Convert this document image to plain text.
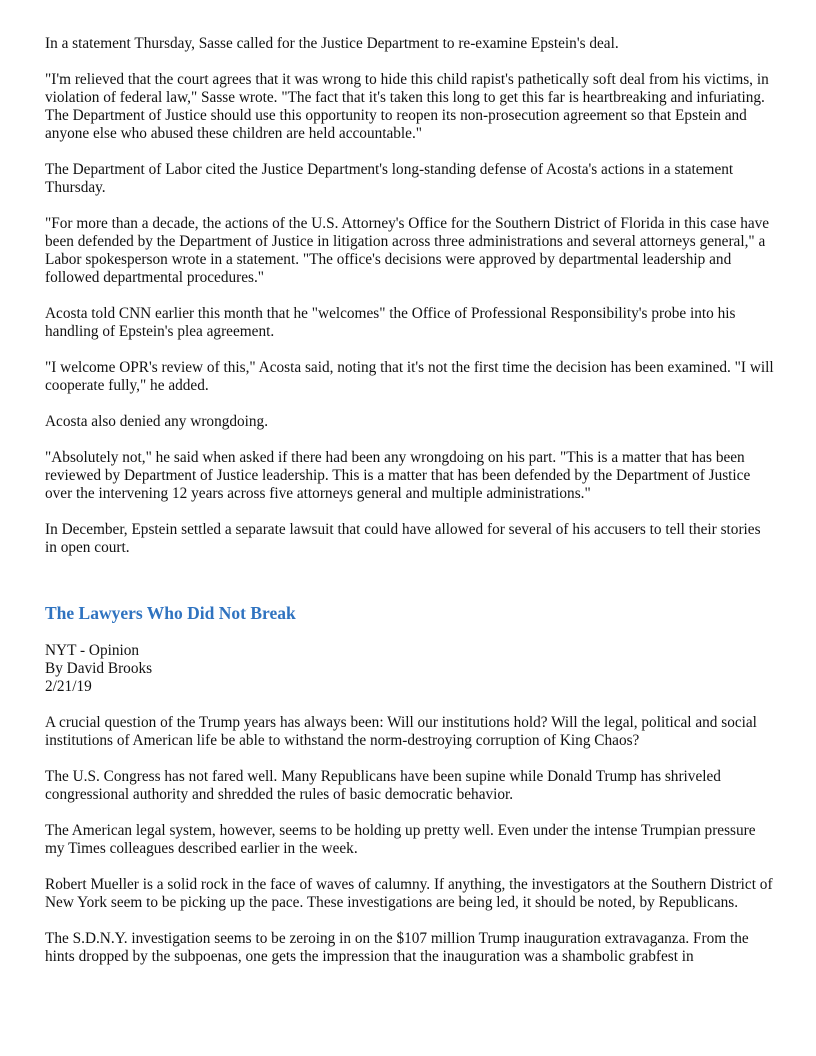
In a statement Thursday, Sasse called for the Justice Department to re-examine Epstein's deal.

"I'm relieved that the court agrees that it was wrong to hide this child rapist's pathetically soft deal from his victims, in violation of federal law," Sasse wrote. "The fact that it's taken this long to get this far is heartbreaking and infuriating. The Department of Justice should use this opportunity to reopen its non-prosecution agreement so that Epstein and anyone else who abused these children are held accountable."

The Department of Labor cited the Justice Department's long-standing defense of Acosta's actions in a statement Thursday.

"For more than a decade, the actions of the U.S. Attorney's Office for the Southern District of Florida in this case have been defended by the Department of Justice in litigation across three administrations and several attorneys general," a Labor spokesperson wrote in a statement. "The office's decisions were approved by departmental leadership and followed departmental procedures."

Acosta told CNN earlier this month that he "welcomes" the Office of Professional Responsibility's probe into his handling of Epstein's plea agreement.

"I welcome OPR's review of this," Acosta said, noting that it's not the first time the decision has been examined. "I will cooperate fully," he added.

Acosta also denied any wrongdoing.

"Absolutely not," he said when asked if there had been any wrongdoing on his part. "This is a matter that has been reviewed by Department of Justice leadership. This is a matter that has been defended by the Department of Justice over the intervening 12 years across five attorneys general and multiple administrations."

In December, Epstein settled a separate lawsuit that could have allowed for several of his accusers to tell their stories in open court.

The Lawyers Who Did Not Break
NYT - Opinion
By David Brooks
2/21/19

A crucial question of the Trump years has always been: Will our institutions hold? Will the legal, political and social institutions of American life be able to withstand the norm-destroying corruption of King Chaos?

The U.S. Congress has not fared well. Many Republicans have been supine while Donald Trump has shriveled congressional authority and shredded the rules of basic democratic behavior.

The American legal system, however, seems to be holding up pretty well. Even under the intense Trumpian pressure my Times colleagues described earlier in the week.

Robert Mueller is a solid rock in the face of waves of calumny. If anything, the investigators at the Southern District of New York seem to be picking up the pace. These investigations are being led, it should be noted, by Republicans.

The S.D.N.Y. investigation seems to be zeroing in on the $107 million Trump inauguration extravaganza. From the hints dropped by the subpoenas, one gets the impression that the inauguration was a shambolic grabfest in
